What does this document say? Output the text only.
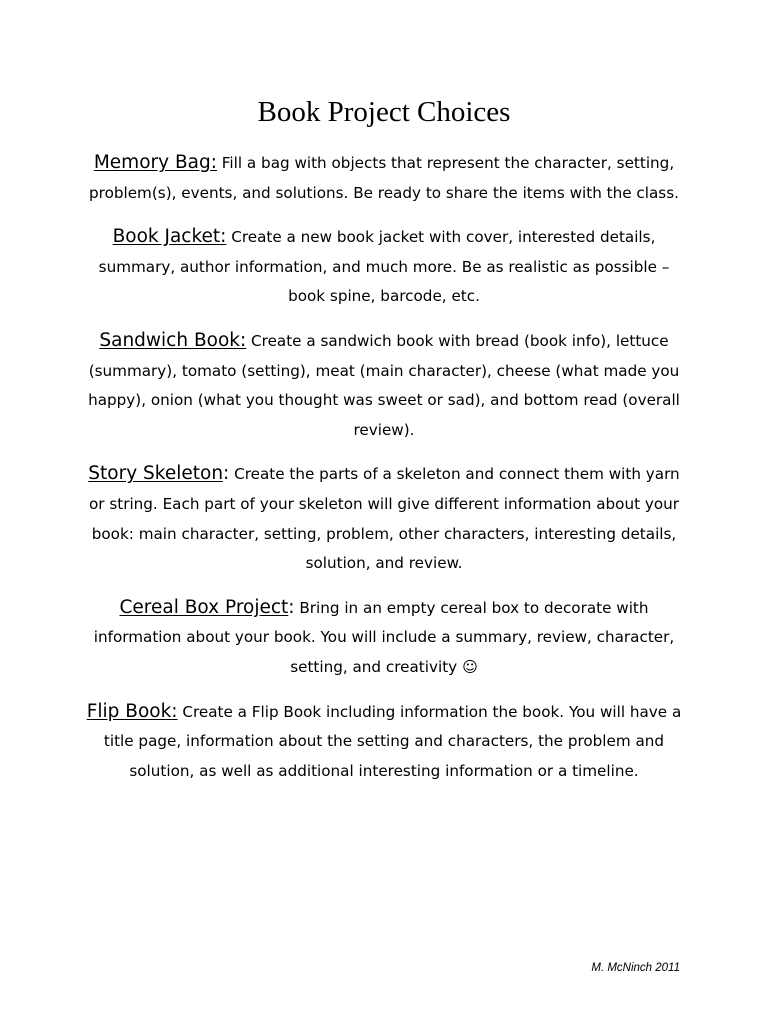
Book Project Choices

Memory Bag: Fill a bag with objects that represent the character, setting, problem(s), events, and solutions. Be ready to share the items with the class.

Book Jacket: Create a new book jacket with cover, interested details, summary, author information, and much more. Be as realistic as possible – book spine, barcode, etc.

Sandwich Book: Create a sandwich book with bread (book info), lettuce (summary), tomato (setting), meat (main character), cheese (what made you happy), onion (what you thought was sweet or sad), and bottom read (overall review).

Story Skeleton: Create the parts of a skeleton and connect them with yarn or string. Each part of your skeleton will give different information about your book: main character, setting, problem, other characters, interesting details, solution, and review.

Cereal Box Project: Bring in an empty cereal box to decorate with information about your book. You will include a summary, review, character, setting, and creativity ☺

Flip Book: Create a Flip Book including information the book. You will have a title page, information about the setting and characters, the problem and solution, as well as additional interesting information or a timeline.

M. McNinch 2011
